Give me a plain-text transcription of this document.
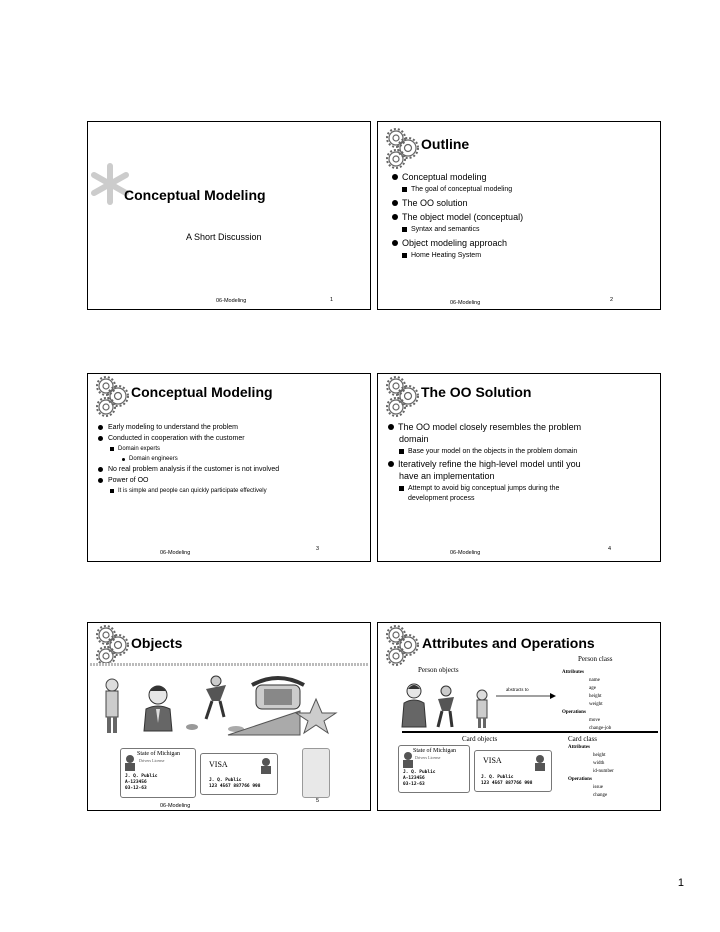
Conceptual Modeling
A Short Discussion
06-Modeling	1
Outline
Conceptual modeling
The goal of conceptual modeling
The OO solution
The object model (conceptual)
Syntax and semantics
Object modeling approach
Home Heating System
06-Modeling	2
Conceptual Modeling
Early modeling to understand the problem
Conducted in cooperation with the customer
Domain experts
Domain engineers
No real problem analysis if the customer is not involved
Power of OO
It is simple and people can quickly participate effectively
06-Modeling
3
The OO Solution
The OO model closely resembles the problem
domain
Base your model on the objects in the problem domain
Iteratively refine the high-level model until you
have an implementation
Attempt to avoid big conceptual jumps during the
development process
06-Modeling
4
Objects
State of Michigan
Drivers License
J. Q. Public
A-123456
03-12-63
VISA
J. Q. Public
123 4567 887766 998
06-Modeling
5
Attributes and Operations
Person class
Person objects	Attributes
name
age
height
weight
Operations
move
change-job
abstracts to
Card objects	Card class
Attributes
height
width
id-number
Operations
issue
change
State of Michigan
Drivers License
J. Q. Public
A-123456
03-12-63
VISA
J. Q. Public
123 4567 887766 998
1
